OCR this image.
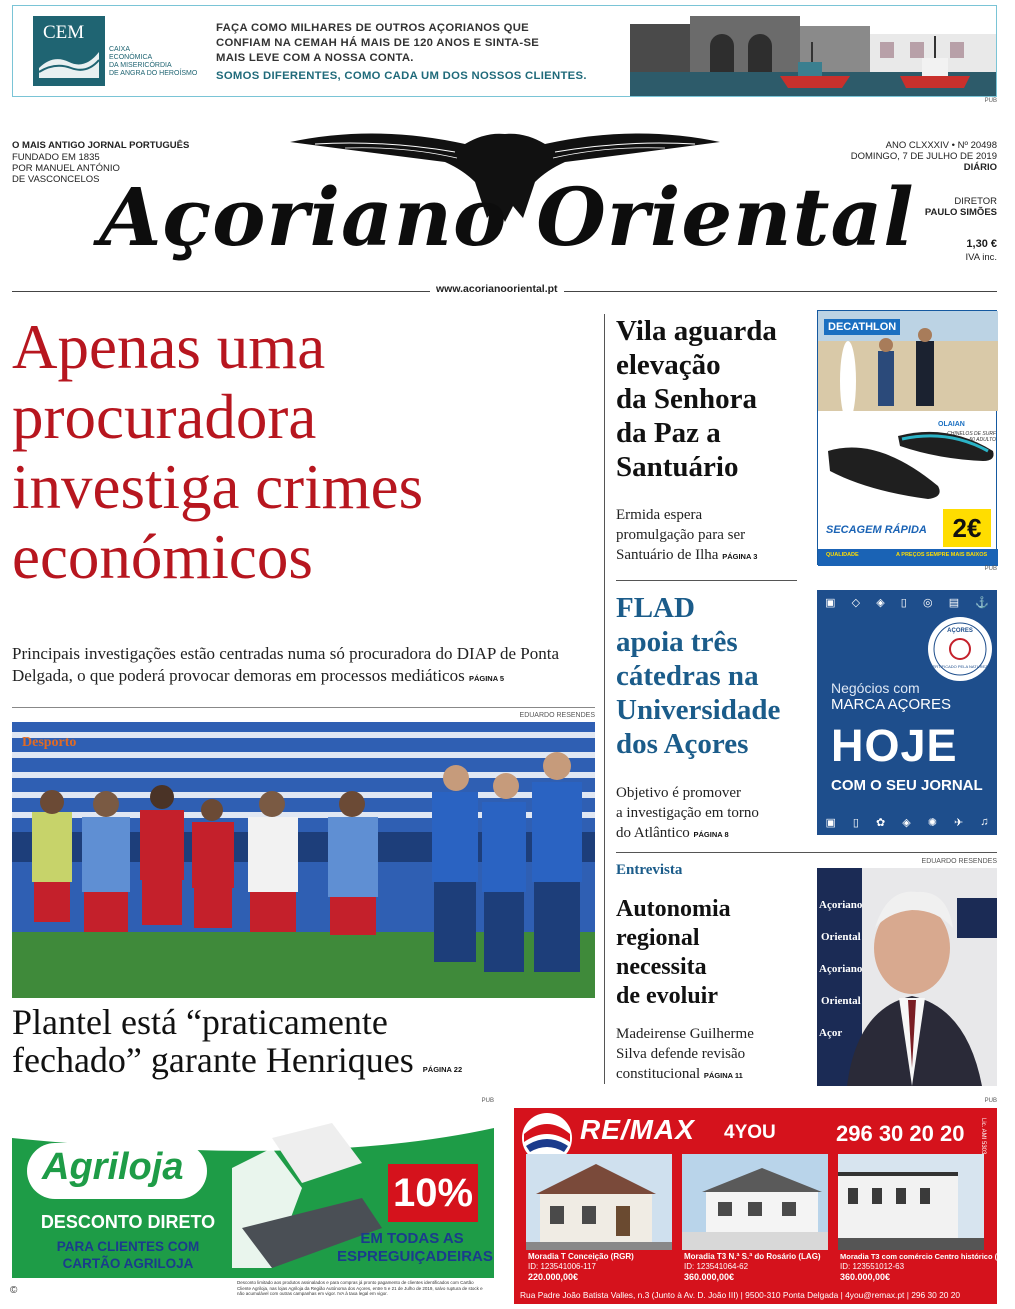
CEM
CAIXA
ECONÓMICA
DA MISERICÓRDIA
DE ANGRA DO HEROÍSMO
FAÇA COMO MILHARES DE OUTROS AÇORIANOS QUE
CONFIAM NA CEMAH HÁ MAIS DE 120 ANOS E SINTA-SE
MAIS LEVE COM A NOSSA CONTA.
SOMOS DIFERENTES, COMO CADA UM DOS NOSSOS CLIENTES.
PUB
O MAIS ANTIGO JORNAL PORTUGUÊS
FUNDADO EM 1835
POR MANUEL ANTÓNIO
DE VASCONCELOS Açoriano Oriental
ANO CLXXXIV • Nº 20498
DOMINGO, 7 DE JULHO DE 2019
DIÁRIO
DIRETOR
PAULO SIMÕES
1,30 €
IVA inc.
www.acorianooriental.pt
Apenas uma
procuradora
investiga crimes
económicos
Principais investigações estão centradas numa só procuradora do DIAP de Ponta Delgada, o que poderá provocar demoras em processos mediáticos PÁGINA 5
EDUARDO RESENDES
Desporto
Plantel está “praticamente
fechado” garante Henriques PÁGINA 22
Vila aguarda
elevação
da Senhora
da Paz a
Santuário
Ermida espera
promulgação para ser
Santuário de Ilha PÁGINA 3
FLAD
apoia três
cátedras na
Universidade
dos Açores
Objetivo é promover
a investigação em torno
do Atlântico PÁGINA 8
Entrevista
Autonomia
regional
necessita
de evoluir
Madeirense Guilherme
Silva defende revisão
constitucional PÁGINA 11
EDUARDO RESENDES
Açoriano
Oriental
Açoriano
Oriental
Açor
DECATHLON
OLAIAN
CHINELOS DE SURF
50 ADULTO
SECAGEM RÁPIDA 2€
QUALIDADE	A PREÇOS SEMPRE MAIS BAIXOS
PUB
▣ ◇ ◈ ▯ ◎ ▤ ⚓
AÇORES
CERTIFICADO PELA NATUREZA
Negócios com
MARCA AÇORES
HOJE
COM O SEU JORNAL
▣ ▯ ✿ ◈ ✺ ✈ ♫
PUB
Agriloja
DESCONTO DIRETO
PARA CLIENTES COM
CARTÃO AGRILOJA
10%
EM TODAS AS
ESPREGUIÇADEIRAS
Desconto limitado aos produtos assinalados e para compras já pronto pagamento de clientes identificados com Cartão Cliente Agriloja, nas lojas Agriloja da Região Autónoma dos Açores, entre 5 e 21 de Julho de 2019, salvo ruptura de stock e não acumulável com outras campanhas em vigor. IVA à taxa legal em vigor.
PUB
RE/MAX 4YOU	296 30 20 20	Lic. AMI 5303
Moradia T Conceição (RGR)
ID: 123541006-117
220.000,00€
Moradia T3 N.ª S.ª do Rosário (LAG)
ID: 123541064-62
360.000,00€
Moradia T3 com comércio Centro histórico (PDL)
ID: 123551012-63
360.000,00€
Rua Padre João Batista Valles, n.3 (Junto à Av. D. João III) | 9500-310 Ponta Delgada | 4you@remax.pt | 296 30 20 20
©
